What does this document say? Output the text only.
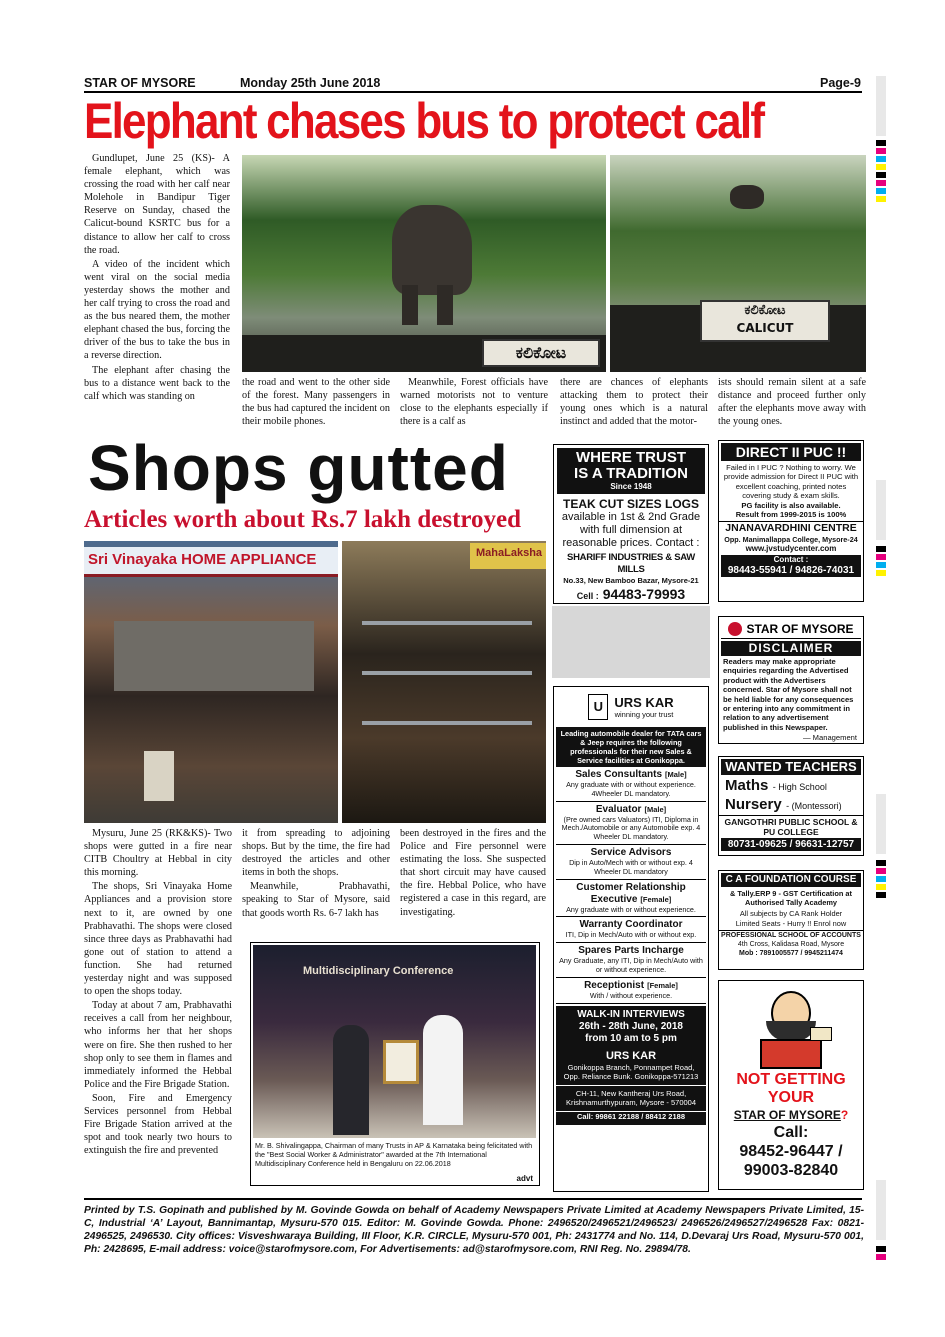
STAR OF MYSORE	Monday 25th June 2018	Page-9
Elephant chases bus to protect calf

Gundlupet, June 25 (KS)- A female elephant, which was crossing the road with her calf near Molehole in Bandipur Tiger Reserve on Sunday, chased the Calicut-bound KSRTC bus for a distance to allow her calf to cross the road.

A video of the incident which went viral on the social media yesterday shows the mother and her calf trying to cross the road and as the bus neared them, the mother elephant chased the bus, forcing the driver of the bus to take the bus in a reverse direction.

The elephant after chasing the bus to a distance went back to the calf which was standing on

ಕಲಿಕೋಟ
ಕಲಿಕೋಟ
CALICUT
the road and went to the other side of the forest. Many passengers in the bus had captured the incident on their mobile phones.
Meanwhile, Forest officials have warned motorists not to venture close to the elephants especially if there is a calf as
there are chances of elephants attacking them to protect their young ones which is a natural instinct and added that the motor-
ists should remain silent at a safe distance and proceed further only after the elephants move away with the young ones.
Shops gutted
Articles worth about Rs.7 lakh destroyed
Sri Vinayaka HOME APPLIANCE	MahaLaksha

Mysuru, June 25 (RK&KS)- Two shops were gutted in a fire near CITB Choultry at Hebbal in city this morning.

The shops, Sri Vinayaka Home Appliances and a provision store next to it, are owned by one Prabhavathi. The shops were closed since three days as Prabhavathi had gone out of station to attend a function. She had returned yesterday night and was supposed to open the shops today.

Today at about 7 am, Prabhavathi receives a call from her neighbour, who informs her that her shops were on fire. She then rushed to her shop only to see them in flames and immediately informed the Hebbal Police and the Fire Brigade Station.

Soon, Fire and Emergency Services personnel from Hebbal Fire Brigade Station arrived at the spot and took nearly two hours to extinguish the fire and prevented

it from spreading to adjoining shops. But by the time, the fire had destroyed the articles and other items in both the shops.

Meanwhile, Prabhavathi, speaking to Star of Mysore, said that goods worth Rs. 6-7 lakh has

been destroyed in the fires and the Police and Fire personnel were estimating the loss. She suspected that short circuit may have caused the fire. Hebbal Police, who have registered a case in this regard, are investigating.
Multidisciplinary Conference
Mr. B. Shivalingappa, Chairman of many Trusts in AP & Karnataka being felicitated with the "Best Social Worker & Administrator" awarded at the 7th International Multidisciplinary Conference held in Bengaluru on 22.06.2018
advt
WHERE TRUST
IS A TRADITION
Since 1948
TEAK CUT SIZES LOGS
available in 1st & 2nd Grade with full dimension at reasonable prices. Contact :
SHARIFF INDUSTRIES & SAW MILLS
No.33, New Bamboo Bazar, Mysore-21
Cell : 94483-79993
DIRECT II PUC !!
Failed in I PUC ? Nothing to worry. We provide admission for Direct II PUC with excellent coaching, printed notes covering study & exam skills.
PG facility is also available.
Result from 1999-2015 is 100%
JNANAVARDHINI CENTRE
Opp. Manimallappa College, Mysore-24
www.jvstudycenter.com
Contact :
98443-55941 / 94826-74031
STAR OF MYSORE
DISCLAIMER
Readers may make appropriate enquiries regarding the Advertised product with the Advertisers concerned. Star of Mysore shall not be held liable for any consequences or entering into any commitment in relation to any advertisement published in this Newspaper.
— Management
WANTED TEACHERS
Maths - High School
Nursery - (Montessori)
GANGOTHRI PUBLIC SCHOOL & PU COLLEGE
80731-09625 / 96631-12757
C A FOUNDATION COURSE
& Tally.ERP 9 - GST Certification at Authorised Tally Academy
All subjects by CA Rank Holder
Limited Seats - Hurry !! Enrol now
PROFESSIONAL SCHOOL OF ACCOUNTS
4th Cross, Kalidasa Road, Mysore
Mob : 7891005577 / 9945211474
U URS KAR
winning your trust
Leading automobile dealer for TATA cars & Jeep requires the following professionals for their new Sales & Service facilities at Gonikoppa.
Sales Consultants [Male]
Any graduate with or without experience. 4Wheeler DL mandatory.
Evaluator [Male]
(Pre owned cars Valuators) ITI, Diploma in Mech./Automobile or any Automobile exp. 4 Wheeler DL mandatory.
Service Advisors
Dip in Auto/Mech with or without exp. 4 Wheeler DL mandatory
Customer Relationship Executive [Female]
Any graduate with or without experience.
Warranty Coordinator
ITI, Dip in Mech/Auto with or without exp.
Spares Parts Incharge
Any Graduate, any ITI, Dip in Mech/Auto with or without experience.
Receptionist [Female]
With / without experience.
WALK-IN INTERVIEWS
26th - 28th June, 2018 from 10 am to 5 pm
URS KAR
Gonikoppa Branch, Ponnampet Road, Opp. Reliance Bunk. Gonikoppa-571213
CH-11, New Kantheraj Urs Road, Krishnamurthypuram, Mysore - 570004
Call: 99861 22188 / 88412 2188
NOT GETTING
YOUR
STAR OF MYSORE?
Call:
98452-96447 /
99003-82840
Printed by T.S. Gopinath and published by M. Govinde Gowda on behalf of Academy Newspapers Private Limited at Academy Newspapers Private Limited, 15-C, Industrial ‘A’ Layout, Bannimantap, Mysuru-570 015. Editor: M. Govinde Gowda. Phone: 2496520/2496521/2496523/ 2496526/2496527/2496528 Fax: 0821-2496525, 2496530. City offices: Visveshwaraya Building, III Floor, K.R. CIRCLE, Mysuru-570 001, Ph: 2431774 and No. 114, D.Devaraj Urs Road, Mysuru-570 001, Ph: 2428695, E-mail address: voice@starofmysore.com, For Advertisements: ad@starofmysore.com, RNI Reg. No. 29894/78.
